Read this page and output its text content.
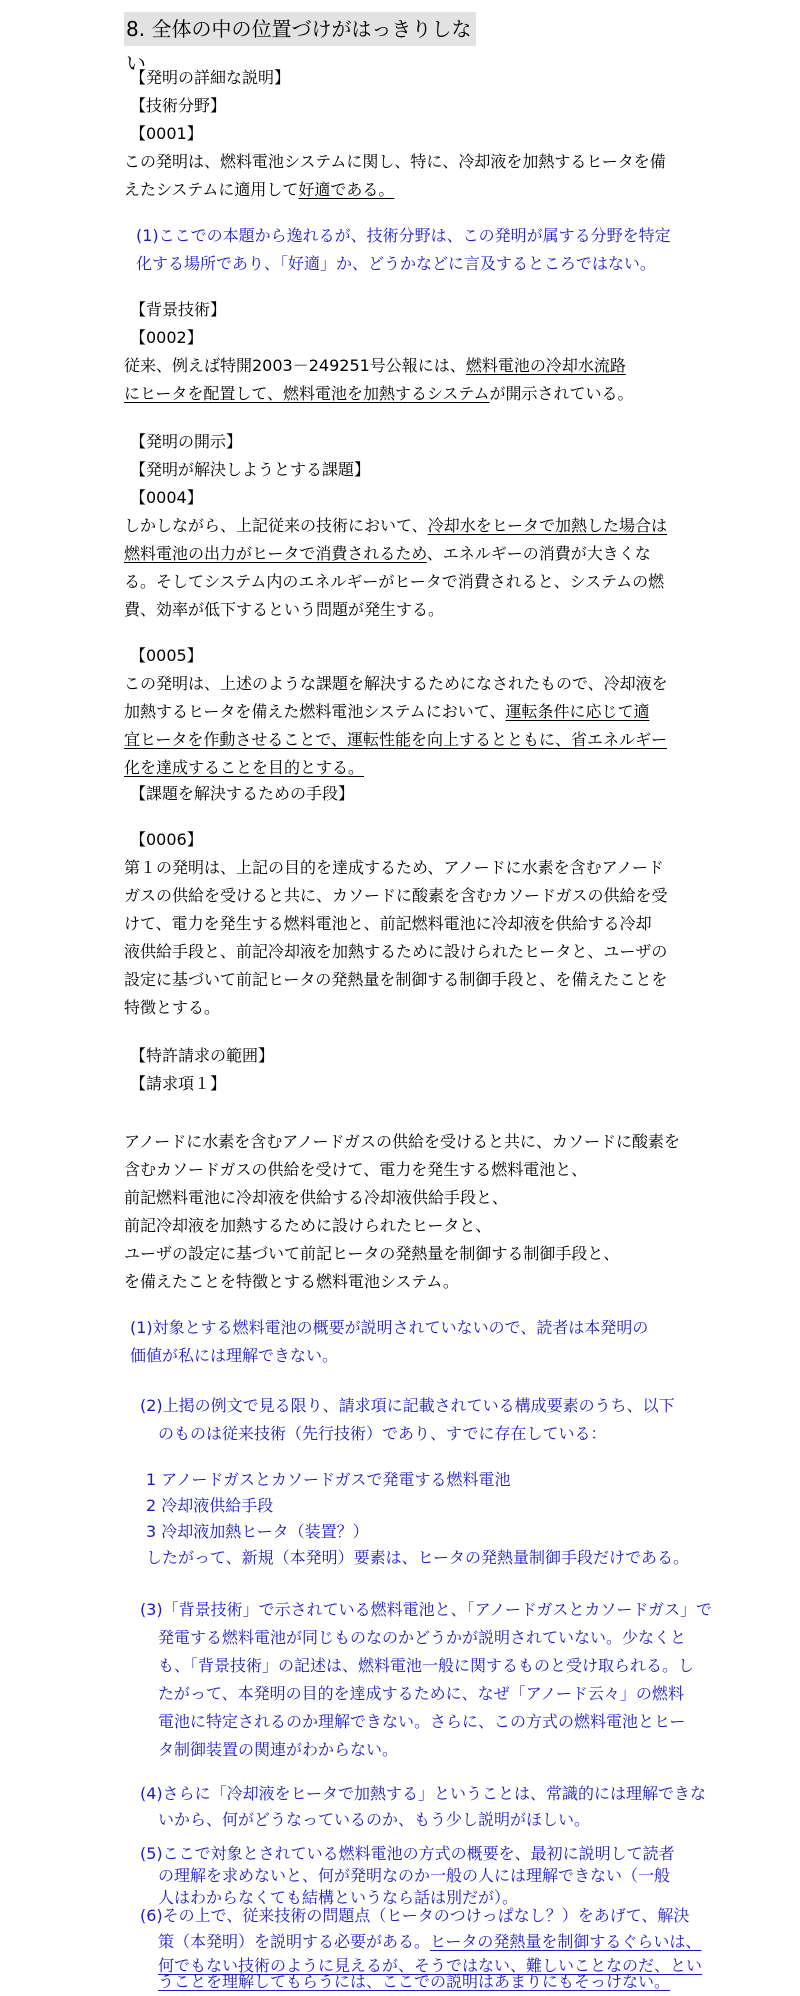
8. 全体の中の位置づけがはっきりしない
【発明の詳細な説明】
【技術分野】
【0001】
この発明は、燃料電池システムに関し、特に、冷却液を加熱するヒータを備
えたシステムに適用して好適である。
(1)ここでの本題から逸れるが、技術分野は、この発明が属する分野を特定
化する場所であり、「好適」か、どうかなどに言及するところではない。
【背景技術】
【0002】
従来、例えば特開2003－249251号公報には、燃料電池の冷却水流路
にヒータを配置して、燃料電池を加熱するシステムが開示されている。
【発明の開示】
【発明が解決しようとする課題】
【0004】
しかしながら、上記従来の技術において、冷却水をヒータで加熱した場合は
燃料電池の出力がヒータで消費されるため、エネルギーの消費が大きくな
る。そしてシステム内のエネルギーがヒータで消費されると、システムの燃
費、効率が低下するという問題が発生する。
【0005】
この発明は、上述のような課題を解決するためになされたもので、冷却液を
加熱するヒータを備えた燃料電池システムにおいて、運転条件に応じて適
宜ヒータを作動させることで、運転性能を向上するとともに、省エネルギー
化を達成することを目的とする。
【課題を解決するための手段】
【0006】
第１の発明は、上記の目的を達成するため、アノードに水素を含むアノード
ガスの供給を受けると共に、カソードに酸素を含むカソードガスの供給を受
けて、電力を発生する燃料電池と、前記燃料電池に冷却液を供給する冷却
液供給手段と、前記冷却液を加熱するために設けられたヒータと、ユーザの
設定に基づいて前記ヒータの発熱量を制御する制御手段と、を備えたことを
特徴とする。
【特許請求の範囲】
【請求項１】
アノードに水素を含むアノードガスの供給を受けると共に、カソードに酸素を
含むカソードガスの供給を受けて、電力を発生する燃料電池と、
前記燃料電池に冷却液を供給する冷却液供給手段と、
前記冷却液を加熱するために設けられたヒータと、
ユーザの設定に基づいて前記ヒータの発熱量を制御する制御手段と、
を備えたことを特徴とする燃料電池システム。
(1)対象とする燃料電池の概要が説明されていないので、読者は本発明の
価値が私には理解できない。
(2)上掲の例文で見る限り、請求項に記載されている構成要素のうち、以下
のものは従来技術（先行技術）であり、すでに存在している：
1 アノードガスとカソードガスで発電する燃料電池
2 冷却液供給手段
3 冷却液加熱ヒータ（装置？）
したがって、新規（本発明）要素は、ヒータの発熱量制御手段だけである。
(3)「背景技術」で示されている燃料電池と、「アノードガスとカソードガス」で
発電する燃料電池が同じものなのかどうかが説明されていない。少なくと
も、「背景技術」の記述は、燃料電池一般に関するものと受け取られる。し
たがって、本発明の目的を達成するために、なぜ「アノード云々」の燃料
電池に特定されるのか理解できない。さらに、この方式の燃料電池とヒー
タ制御装置の関連がわからない。
(4)さらに「冷却液をヒータで加熱する」ということは、常識的には理解できな
いから、何がどうなっているのか、もう少し説明がほしい。
(5)ここで対象とされている燃料電池の方式の概要を、最初に説明して読者
の理解を求めないと、何が発明なのか一般の人には理解できない（一般
人はわからなくても結構というなら話は別だが）。
(6)その上で、従来技術の問題点（ヒータのつけっぱなし？）をあげて、解決
策（本発明）を説明する必要がある。ヒータの発熱量を制御するぐらいは、
何でもない技術のように見えるが、そうではない、難しいことなのだ、とい
うことを理解してもらうには、ここでの説明はあまりにもそっけない。
